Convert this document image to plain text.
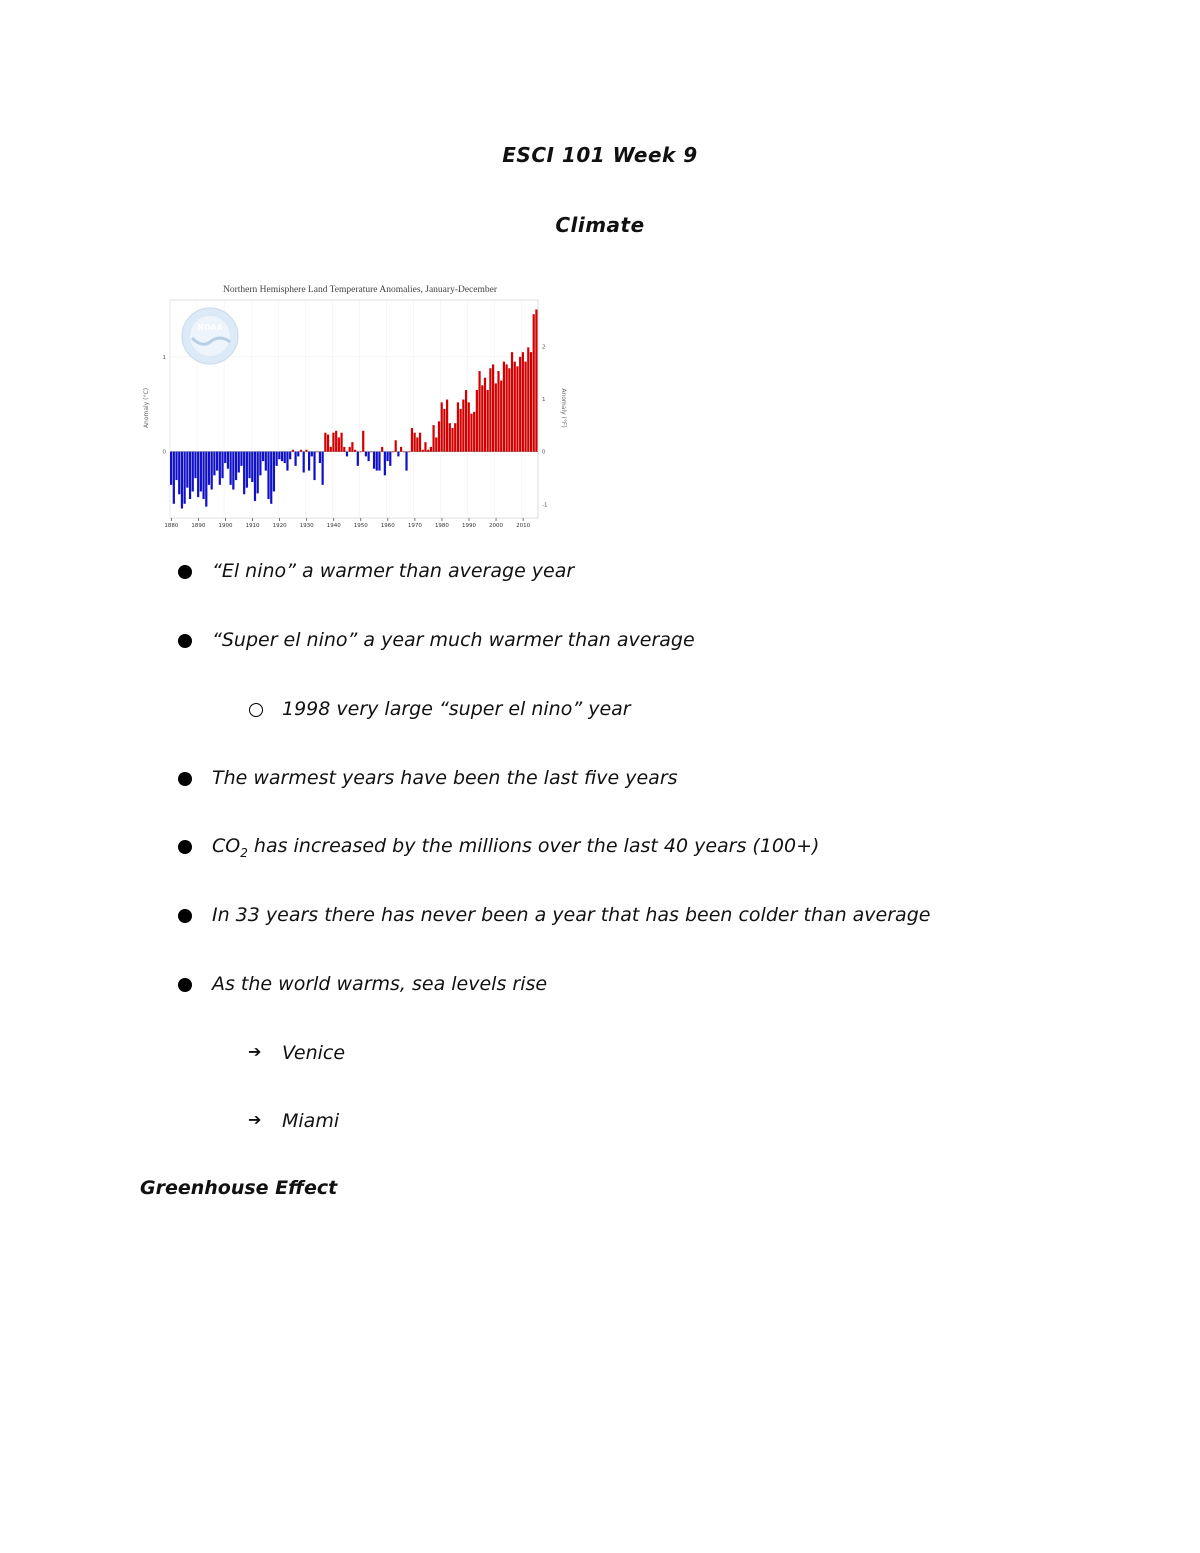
ESCI 101 Week 9
Climate
Northern Hemisphere Land Temperature Anomalies, January-December
NOAA
1880 1890 1900 1910 1920 1930 1940 1950 1960 1970 1980 1990 2000 2010
1
0
2
1
0
-1
Anomaly (°C)	Anomaly (°F)
“El nino” a warmer than average year
“Super el nino” a year much warmer than average
1998 very large “super el nino” year
The warmest years have been the last five years
$CO_2$ has increased by the millions over the last 40 years (100+)
In 33 years there has never been a year that has been colder than average
As the world warms, sea levels rise
➔ Venice
➔ Miami
Greenhouse Effect
